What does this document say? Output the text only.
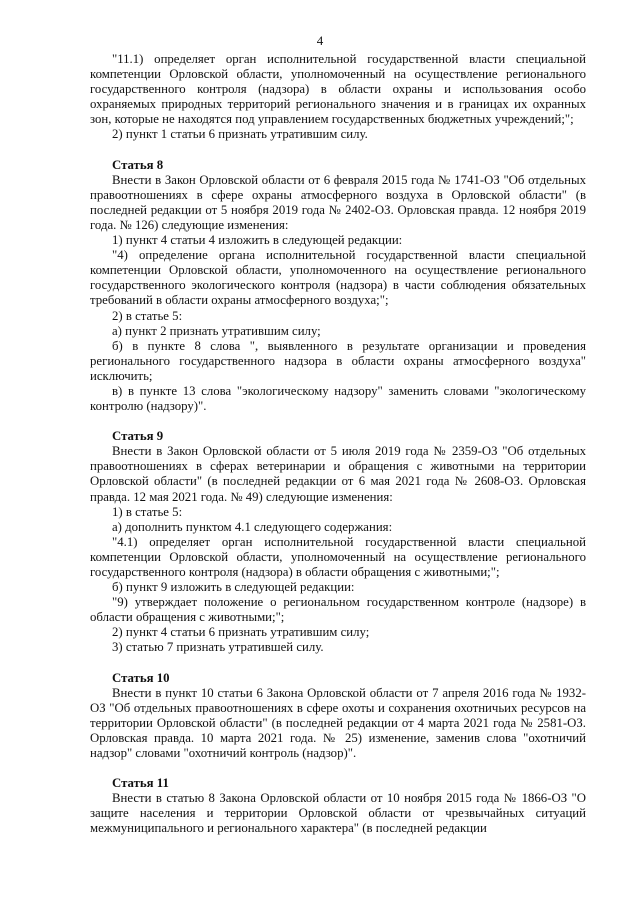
4

"11.1) определяет орган исполнительной государственной власти специальной компетенции Орловской области, уполномоченный на осуществление регионального государственного контроля (надзора) в области охраны и использования особо охраняемых природных территорий регионального значения и в границах их охранных зон, которые не находятся под управлением государственных бюджетных учреждений;";

2) пункт 1 статьи 6 признать утратившим силу.

Статья 8

Внести в Закон Орловской области от 6 февраля 2015 года № 1741-ОЗ "Об отдельных правоотношениях в сфере охраны атмосферного воздуха в Орловской области" (в последней редакции от 5 ноября 2019 года № 2402-ОЗ. Орловская правда. 12 ноября 2019 года. № 126) следующие изменения:

1) пункт 4 статьи 4 изложить в следующей редакции:

"4) определение органа исполнительной государственной власти специальной компетенции Орловской области, уполномоченного на осуществление регионального государственного экологического контроля (надзора) в части соблюдения обязательных требований в области охраны атмосферного воздуха;";

2) в статье 5:

а) пункт 2 признать утратившим силу;

б) в пункте 8 слова ", выявленного в результате организации и проведения регионального государственного надзора в области охраны атмосферного воздуха" исключить;

в) в пункте 13 слова "экологическому надзору" заменить словами "экологическому контролю (надзору)".

Статья 9

Внести в Закон Орловской области от 5 июля 2019 года № 2359-ОЗ "Об отдельных правоотношениях в сферах ветеринарии и обращения с животными на территории Орловской области" (в последней редакции от 6 мая 2021 года № 2608-ОЗ. Орловская правда. 12 мая 2021 года. № 49) следующие изменения:

1) в статье 5:

а) дополнить пунктом 4.1 следующего содержания:

"4.1) определяет орган исполнительной государственной власти специальной компетенции Орловской области, уполномоченный на осуществление регионального государственного контроля (надзора) в области обращения с животными;";

б) пункт 9 изложить в следующей редакции:

"9) утверждает положение о региональном государственном контроле (надзоре) в области обращения с животными;";

2) пункт 4 статьи 6 признать утратившим силу;

3) статью 7 признать утратившей силу.

Статья 10

Внести в пункт 10 статьи 6 Закона Орловской области от 7 апреля 2016 года № 1932-ОЗ "Об отдельных правоотношениях в сфере охоты и сохранения охотничьих ресурсов на территории Орловской области" (в последней редакции от 4 марта 2021 года № 2581-ОЗ. Орловская правда. 10 марта 2021 года. № 25) изменение, заменив слова "охотничий надзор" словами "охотничий контроль (надзор)".

Статья 11

Внести в статью 8 Закона Орловской области от 10 ноября 2015 года № 1866-ОЗ "О защите населения и территории Орловской области от чрезвычайных ситуаций межмуниципального и регионального характера" (в последней редакции
